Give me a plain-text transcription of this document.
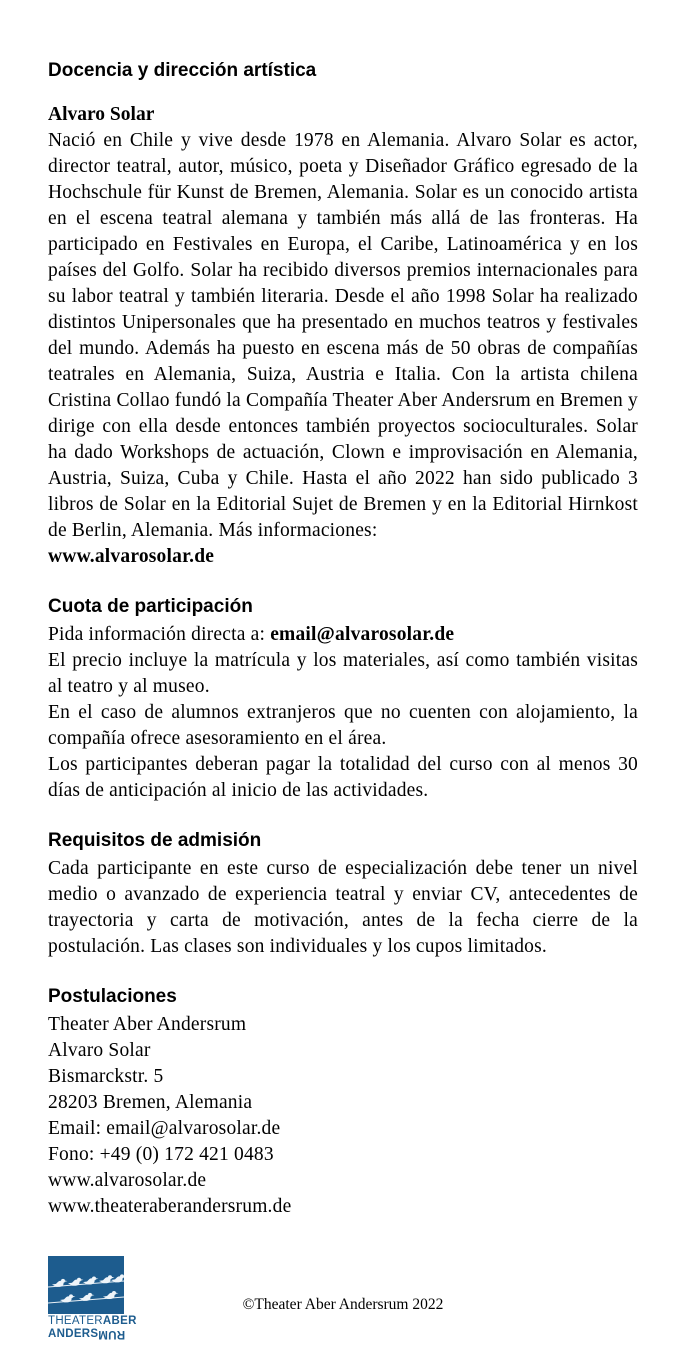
Docencia y dirección artística

Alvaro Solar

Nació en Chile y vive desde 1978 en Alemania. Alvaro Solar es actor, director teatral, autor, músico, poeta y Diseñador Gráfico egresado de la Hochschule für Kunst de Bremen, Alemania. Solar es un conocido artista en el escena teatral alemana y también más allá de las fronteras. Ha participado en Festivales en Europa, el Caribe, Latinoamérica y en los países del Golfo. Solar ha recibido diversos premios internacionales para su labor teatral y también literaria. Desde el año 1998 Solar ha realizado distintos Unipersonales que ha presentado en muchos teatros y festivales del mundo. Además ha puesto en escena más de 50 obras de compañías teatrales en Alemania, Suiza, Austria e Italia. Con la artista chilena Cristina Collao fundó la Compañía Theater Aber Andersrum en Bremen y dirige con ella desde entonces también proyectos socioculturales. Solar ha dado Workshops de actuación, Clown e improvisación en Alemania, Austria, Suiza, Cuba y Chile. Hasta el año 2022 han sido publicado 3 libros de Solar en la Editorial Sujet de Bremen y en la Editorial Hirnkost de Berlin, Alemania. Más informaciones:

www.alvarosolar.de

Cuota de participación

Pida información directa a: email@alvarosolar.de

El precio incluye la matrícula y los materiales, así como también visitas al teatro y al museo.

En el caso de alumnos extranjeros que no cuenten con alojamiento, la compañía ofrece asesoramiento en el área.

Los participantes deberan pagar la totalidad del curso con al menos 30 días de anticipación al inicio de las actividades.

Requisitos de admisión

Cada participante en este curso de especialización debe tener un nivel medio o avanzado de experiencia teatral y enviar CV, antecedentes de trayectoria y carta de motivación, antes de la fecha cierre de la postulación. Las clases son individuales y los cupos limitados.

Postulaciones
Theater Aber Andersrum
Alvaro Solar
Bismarckstr. 5
28203 Bremen, Alemania
Email: email@alvarosolar.de
Fono: +49 (0) 172 421 0483
www.alvarosolar.de
www.theateraberandersrum.de
THEATERABER
ANDERSRUM
©Theater Aber Andersrum 2022
